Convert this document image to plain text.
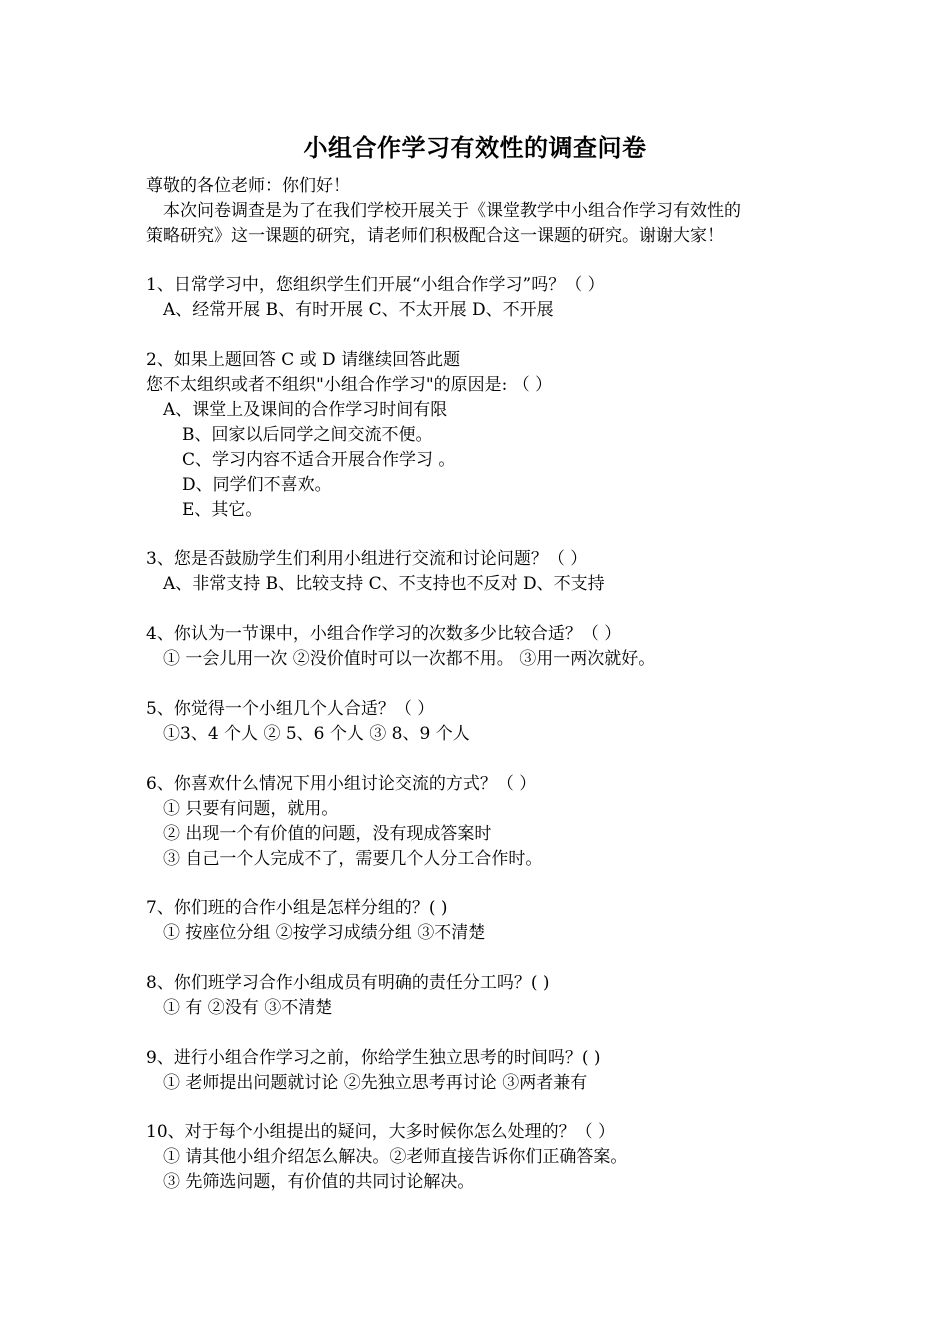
小组合作学习有效性的调查问卷
尊敬的各位老师：你们好！
本次问卷调查是为了在我们学校开展关于《课堂教学中小组合作学习有效性的
策略研究》这一课题的研究，请老师们积极配合这一课题的研究。谢谢大家！
1、日常学习中，您组织学生们开展“小组合作学习”吗？（ ）
A、经常开展 B、有时开展 C、不太开展 D、不开展
2、如果上题回答 C 或 D 请继续回答此题
您不太组织或者不组织"小组合作学习"的原因是: （ ）
A、课堂上及课间的合作学习时间有限
B、回家以后同学之间交流不便。
C、学习内容不适合开展合作学习 。
D、同学们不喜欢。
E、其它。
3、您是否鼓励学生们利用小组进行交流和讨论问题？（ ）
A、非常支持 B、比较支持 C、不支持也不反对 D、不支持
4、你认为一节课中，小组合作学习的次数多少比较合适？（ ）
① 一会儿用一次 ②没价值时可以一次都不用。 ③用一两次就好。
5、你觉得一个小组几个人合适？（ ）
①3、4 个人 ② 5、6 个人 ③ 8、9 个人
6、你喜欢什么情况下用小组讨论交流的方式？（ ）
① 只要有问题，就用。
② 出现一个有价值的问题，没有现成答案时
③ 自己一个人完成不了，需要几个人分工合作时。
7、你们班的合作小组是怎样分组的？( )
① 按座位分组 ②按学习成绩分组 ③不清楚
8、你们班学习合作小组成员有明确的责任分工吗？( )
① 有 ②没有 ③不清楚
9、进行小组合作学习之前，你给学生独立思考的时间吗？( )
① 老师提出问题就讨论 ②先独立思考再讨论 ③两者兼有
10、对于每个小组提出的疑问，大多时候你怎么处理的？（ ）
① 请其他小组介绍怎么解决。②老师直接告诉你们正确答案。
③ 先筛选问题，有价值的共同讨论解决。
